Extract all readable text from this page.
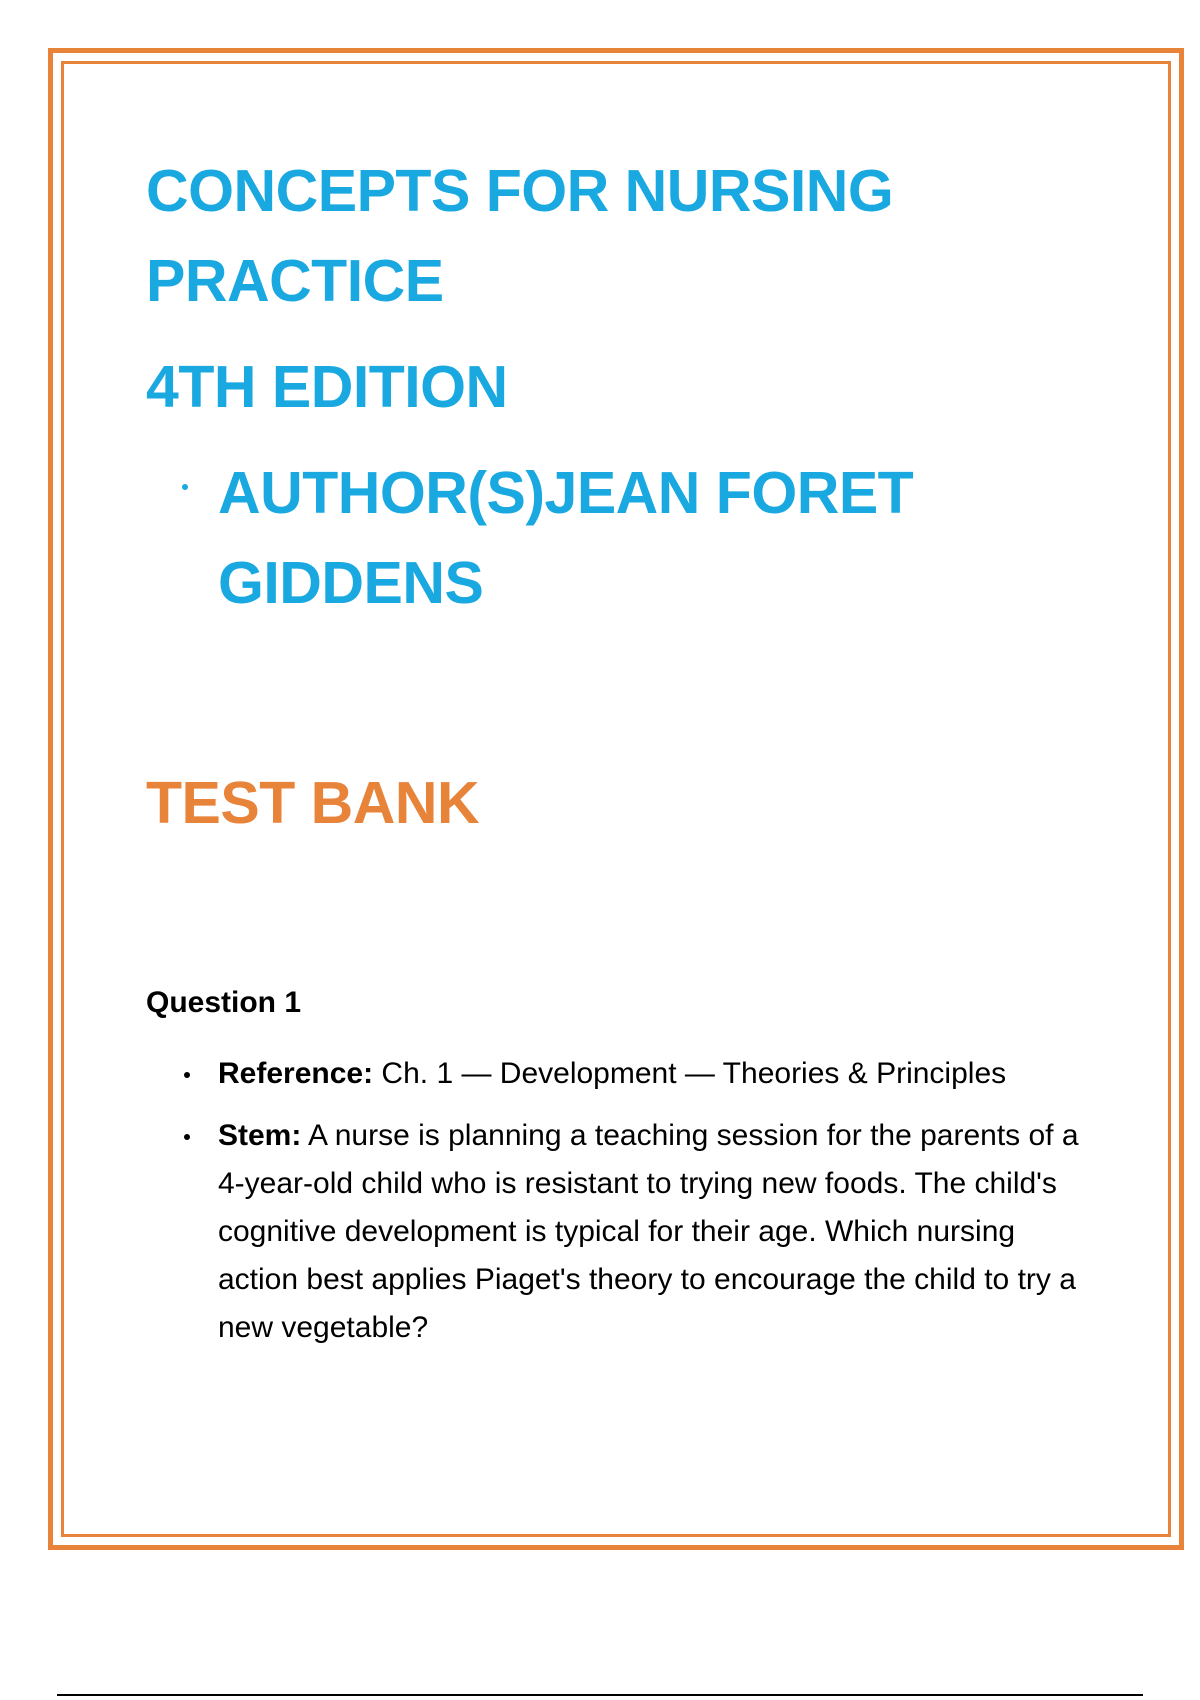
CONCEPTS FOR NURSING
PRACTICE
4TH EDITION
AUTHOR(S)JEAN FORET
GIDDENS
TEST BANK
Question 1
Reference: Ch. 1 — Development — Theories & Principles
Stem: A nurse is planning a teaching session for the parents of a 4-year-old child who is resistant to trying new foods. The child's cognitive development is typical for their age. Which nursing action best applies Piaget's theory to encourage the child to try a new vegetable?
